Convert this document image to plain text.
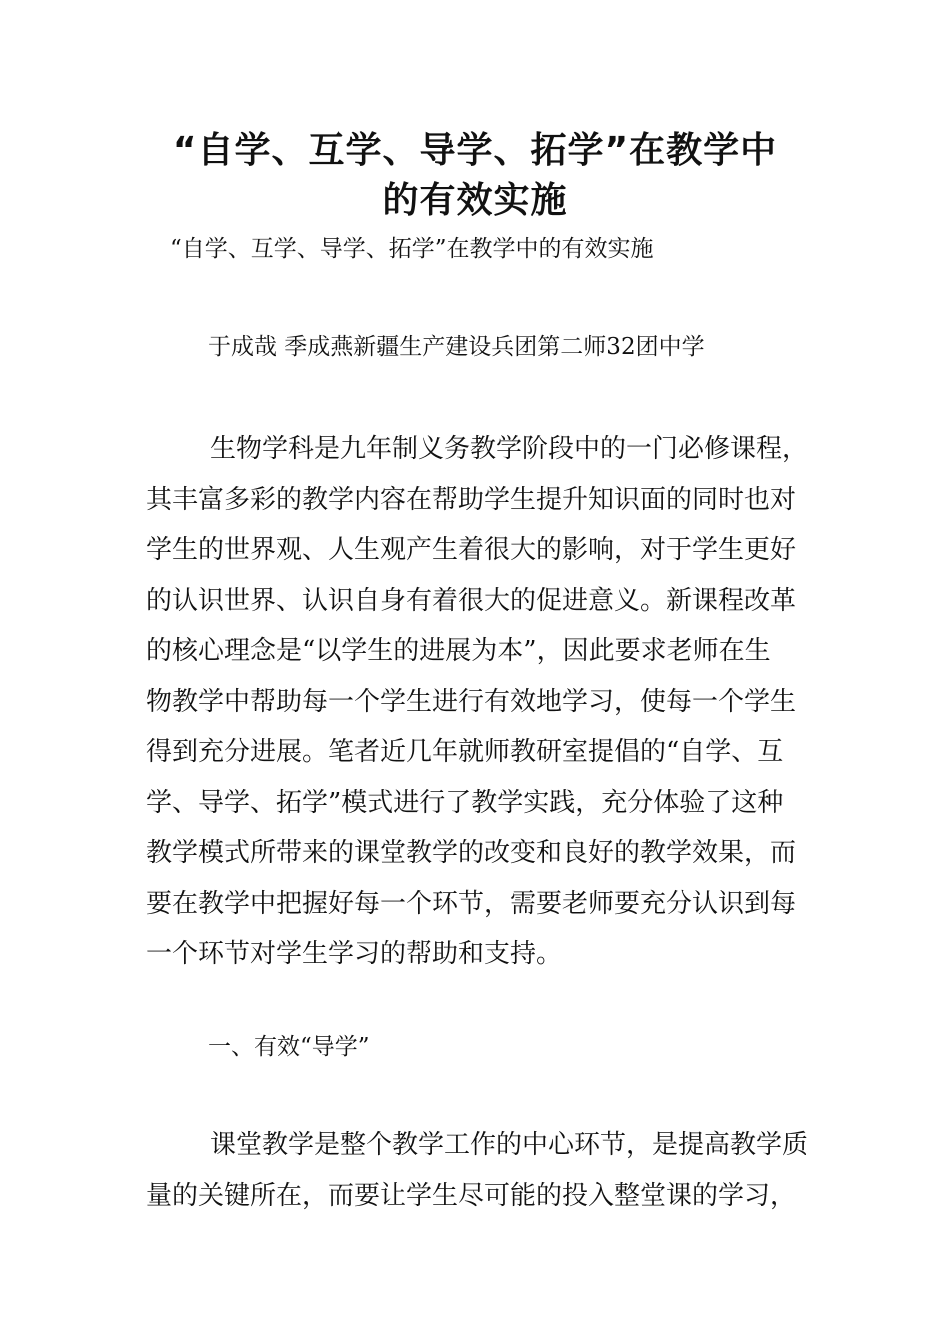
“自学、互学、导学、拓学”在教学中
的有效实施
“自学、互学、导学、拓学”在教学中的有效实施
于成哉 季成燕新疆生产建设兵团第二师32团中学
生物学科是九年制义务教学阶段中的一门必修课程，
其丰富多彩的教学内容在帮助学生提升知识面的同时也对
学生的世界观、人生观产生着很大的影响，对于学生更好
的认识世界、认识自身有着很大的促进意义。新课程改革
的核心理念是“以学生的进展为本”，因此要求老师在生
物教学中帮助每一个学生进行有效地学习，使每一个学生
得到充分进展。笔者近几年就师教研室提倡的“自学、互
学、导学、拓学”模式进行了教学实践，充分体验了这种
教学模式所带来的课堂教学的改变和良好的教学效果，而
要在教学中把握好每一个环节，需要老师要充分认识到每
一个环节对学生学习的帮助和支持。
一、有效“导学”
课堂教学是整个教学工作的中心环节，是提高教学质
量的关键所在，而要让学生尽可能的投入整堂课的学习，
